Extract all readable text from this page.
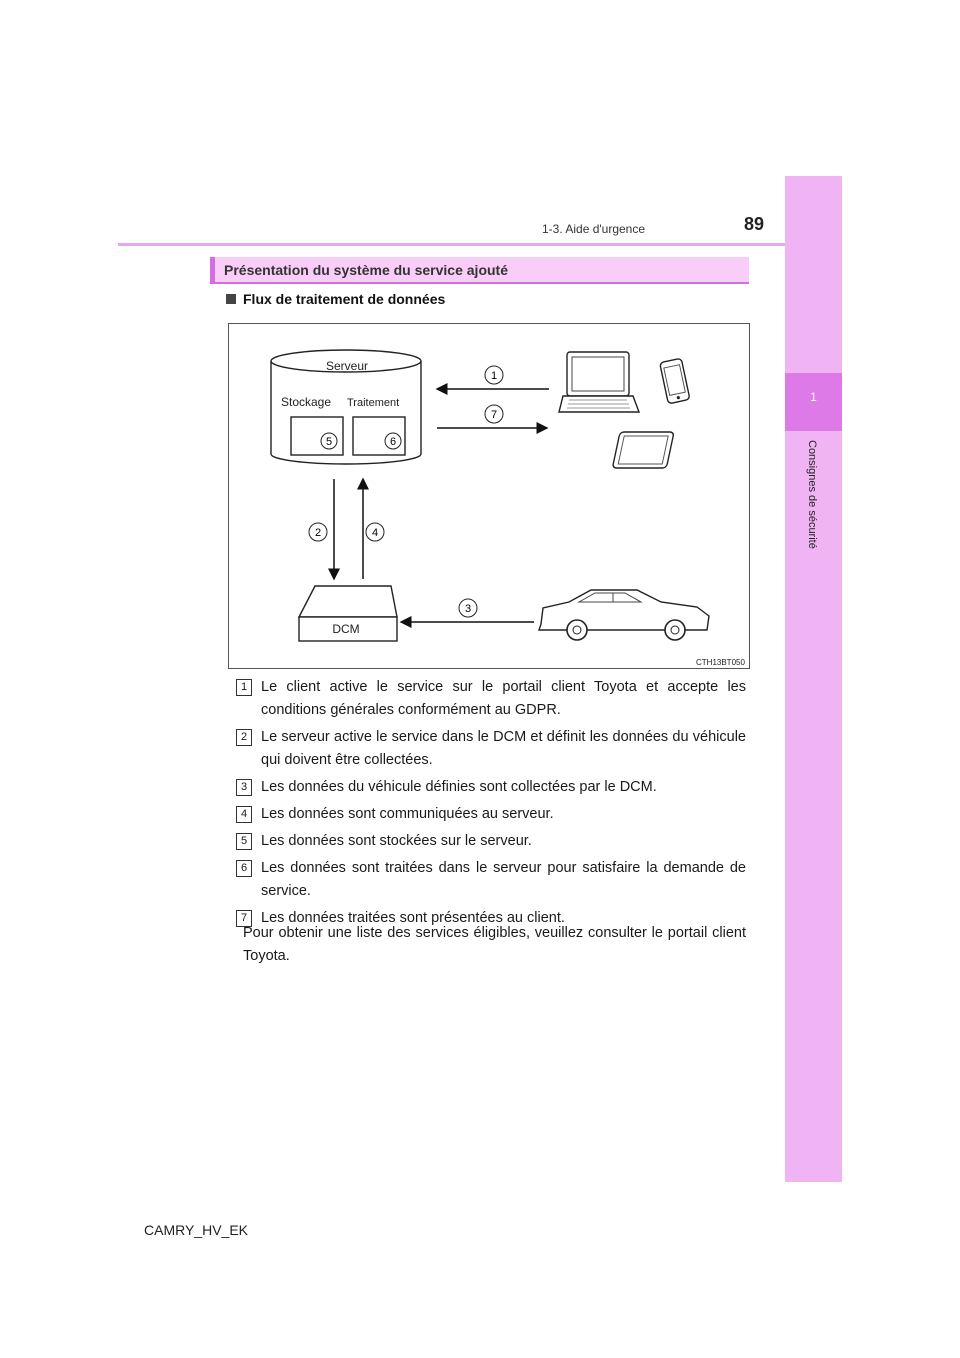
1
Consignes de sécurité
1-3. Aide d'urgence	89
Présentation du système du service ajouté
Flux de traitement de données
Serveur
Stockage Traitement
5	6
1
7
2	4
DCM
3
CTH13BT050
1 Le client active le service sur le portail client Toyota et accepte les conditions générales conformément au GDPR.
2 Le serveur active le service dans le DCM et définit les données du véhicule qui doivent être collectées.
3 Les données du véhicule définies sont collectées par le DCM.
4 Les données sont communiquées au serveur.
5 Les données sont stockées sur le serveur.
6 Les données sont traitées dans le serveur pour satisfaire la demande de service.
7 Les données traitées sont présentées au client.
Pour obtenir une liste des services éligibles, veuillez consulter le portail client Toyota.
CAMRY_HV_EK
